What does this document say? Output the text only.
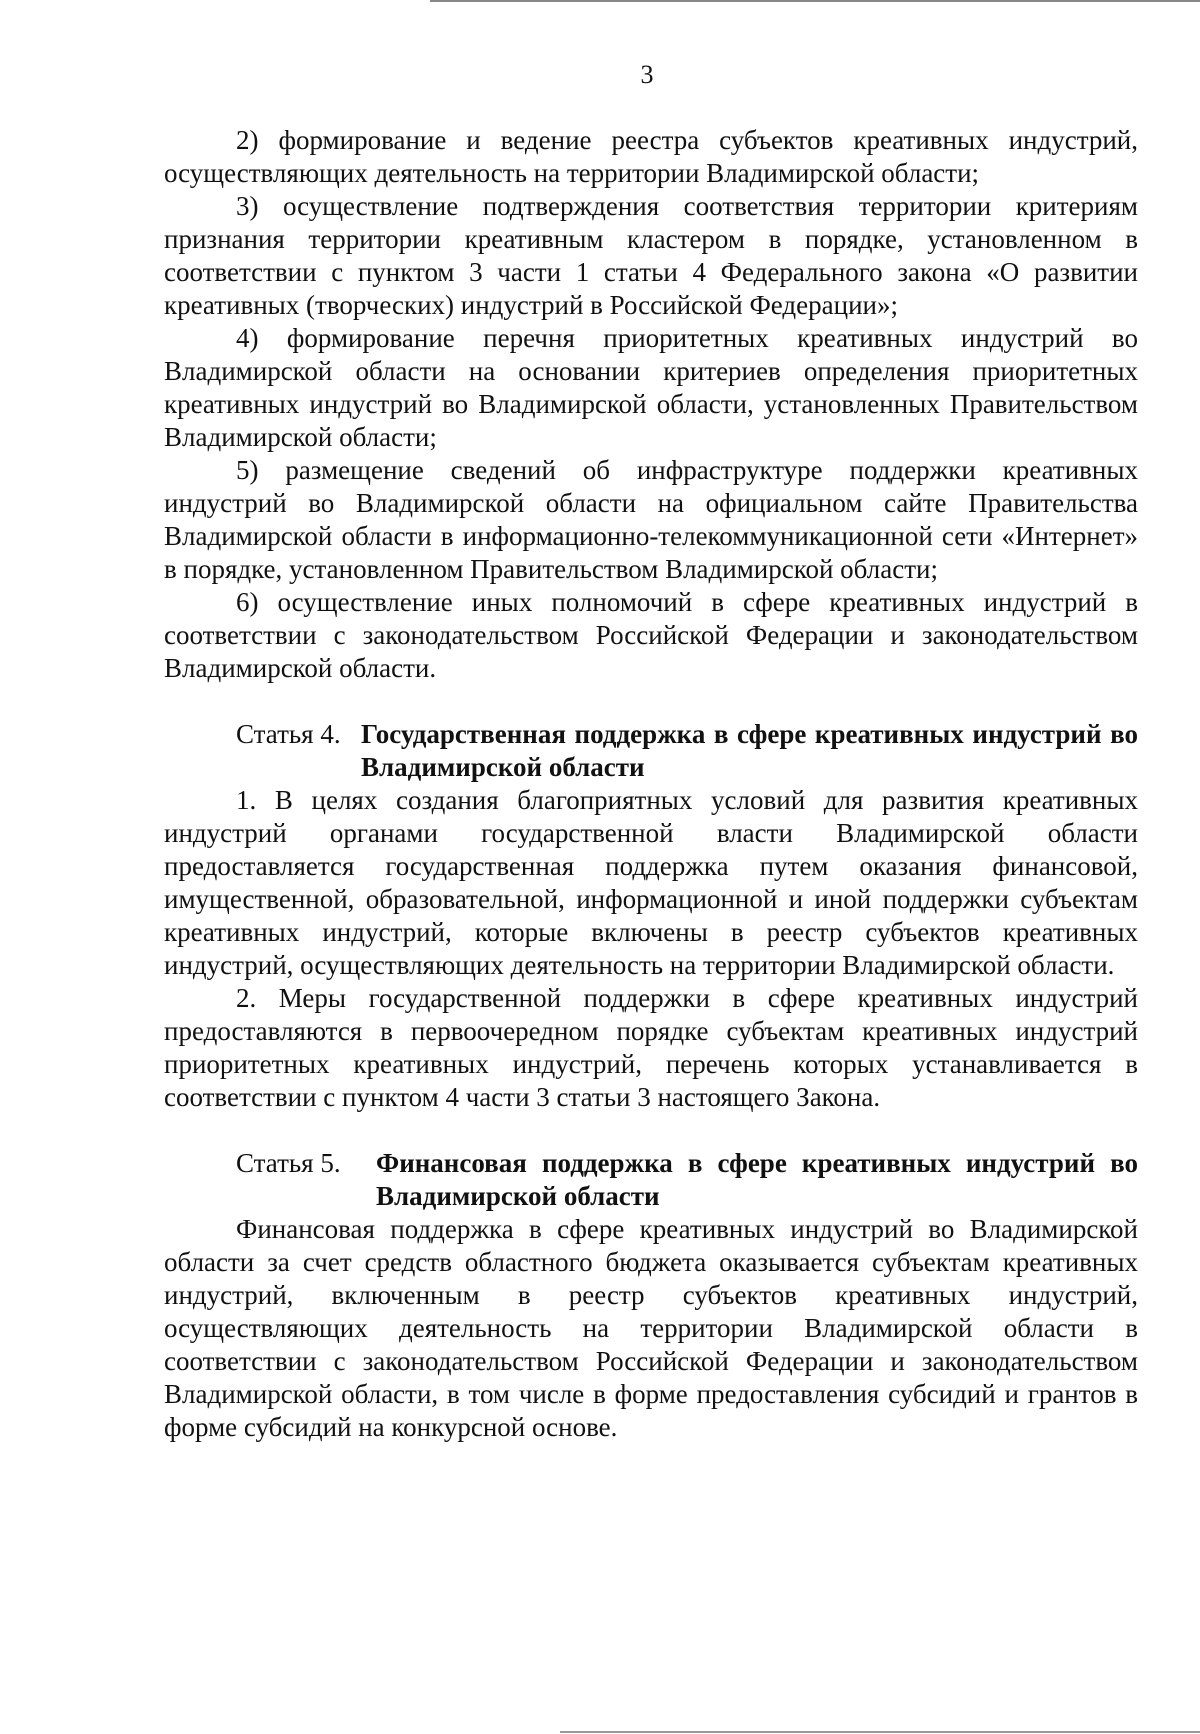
3

2) формирование и ведение реестра субъектов креативных индустрий, осуществляющих деятельность на территории Владимирской области;

3) осуществление подтверждения соответствия территории критериям признания территории креативным кластером в порядке, установленном в соответствии с пунктом 3 части 1 статьи 4 Федерального закона «О развитии креативных (творческих) индустрий в Российской Федерации»;

4) формирование перечня приоритетных креативных индустрий во Владимирской области на основании критериев определения приоритетных креативных индустрий во Владимирской области, установленных Правительством Владимирской области;

5) размещение сведений об инфраструктуре поддержки креативных индустрий во Владимирской области на официальном сайте Правительства Владимирской области в информационно-телекоммуникационной сети «Интернет» в порядке, установленном Правительством Владимирской области;

6) осуществление иных полномочий в сфере креативных индустрий в соответствии с законодательством Российской Федерации и законодательством Владимирской области.

Статья 4. Государственная поддержка в сфере креативных индустрий во Владимирской области

1. В целях создания благоприятных условий для развития креативных индустрий органами государственной власти Владимирской области предоставляется государственная поддержка путем оказания финансовой, имущественной, образовательной, информационной и иной поддержки субъектам креативных индустрий, которые включены в реестр субъектов креативных индустрий, осуществляющих деятельность на территории Владимирской области.

2. Меры государственной поддержки в сфере креативных индустрий предоставляются в первоочередном порядке субъектам креативных индустрий приоритетных креативных индустрий, перечень которых устанавливается в соответствии с пунктом 4 части 3 статьи 3 настоящего Закона.

Статья 5. Финансовая поддержка в сфере креативных индустрий во Владимирской области

Финансовая поддержка в сфере креативных индустрий во Владимирской области за счет средств областного бюджета оказывается субъектам креативных индустрий, включенным в реестр субъектов креативных индустрий, осуществляющих деятельность на территории Владимирской области в соответствии с законодательством Российской Федерации и законодательством Владимирской области, в том числе в форме предоставления субсидий и грантов в форме субсидий на конкурсной основе.
